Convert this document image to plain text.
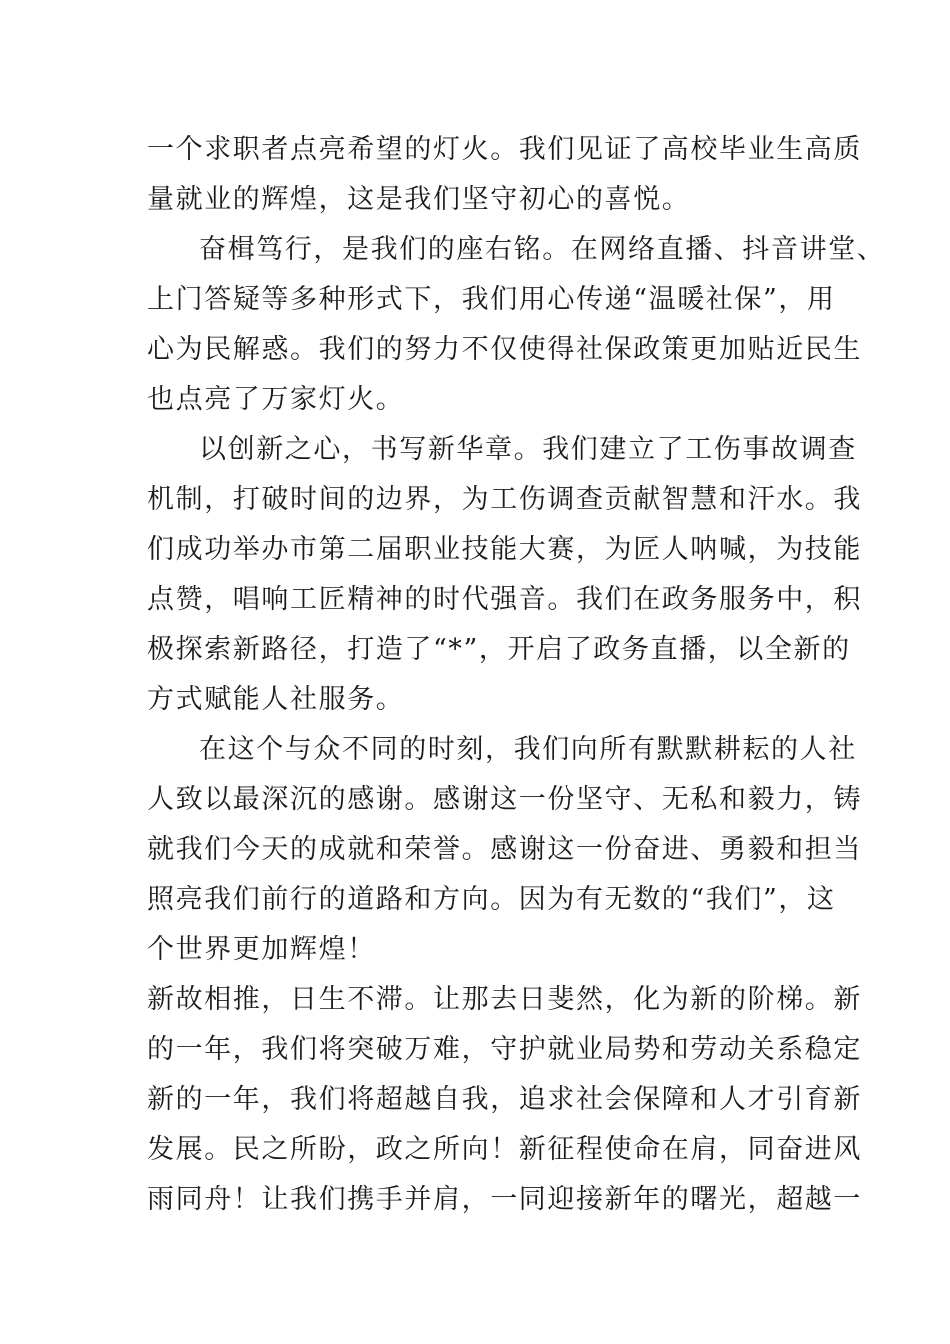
一个求职者点亮希望的灯火。我们见证了高校毕业生高质
量就业的辉煌，这是我们坚守初心的喜悦。
奋楫笃行，是我们的座右铭。在网络直播、抖音讲堂、
上门答疑等多种形式下，我们用心传递“温暖社保”，用
心为民解惑。我们的努力不仅使得社保政策更加贴近民生
也点亮了万家灯火。
以创新之心，书写新华章。我们建立了工伤事故调查
机制，打破时间的边界，为工伤调查贡献智慧和汗水。我
们成功举办市第二届职业技能大赛，为匠人呐喊，为技能
点赞，唱响工匠精神的时代强音。我们在政务服务中，积
极探索新路径，打造了“*”，开启了政务直播，以全新的
方式赋能人社服务。
在这个与众不同的时刻，我们向所有默默耕耘的人社
人致以最深沉的感谢。感谢这一份坚守、无私和毅力，铸
就我们今天的成就和荣誉。感谢这一份奋进、勇毅和担当
照亮我们前行的道路和方向。因为有无数的“我们”，这
个世界更加辉煌！
新故相推，日生不滞。让那去日斐然，化为新的阶梯。新
的一年，我们将突破万难，守护就业局势和劳动关系稳定
新的一年，我们将超越自我，追求社会保障和人才引育新
发展。民之所盼，政之所向！新征程使命在肩，同奋进风
雨同舟！让我们携手并肩，一同迎接新年的曙光，超越一
